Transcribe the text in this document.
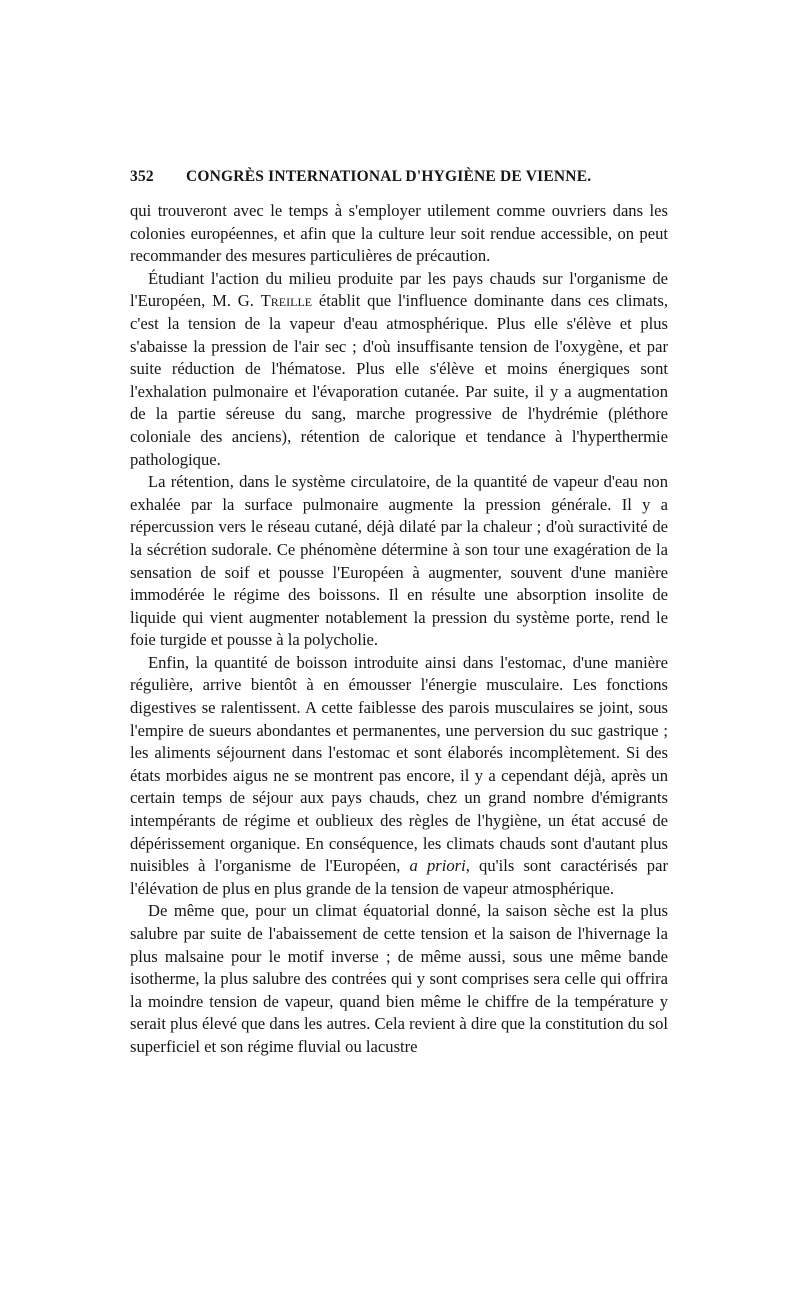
352	CONGRÈS INTERNATIONAL D'HYGIÈNE DE VIENNE.

qui trouveront avec le temps à s'employer utilement comme ouvriers dans les colonies européennes, et afin que la culture leur soit rendue accessible, on peut recommander des mesures particulières de précaution.

Étudiant l'action du milieu produite par les pays chauds sur l'organisme de l'Européen, M. G. Treille établit que l'influence dominante dans ces climats, c'est la tension de la vapeur d'eau atmosphérique. Plus elle s'élève et plus s'abaisse la pression de l'air sec ; d'où insuffisante tension de l'oxygène, et par suite réduction de l'hématose. Plus elle s'élève et moins énergiques sont l'exhalation pulmonaire et l'évaporation cutanée. Par suite, il y a augmentation de la partie séreuse du sang, marche progressive de l'hydrémie (pléthore coloniale des anciens), rétention de calorique et tendance à l'hyperthermie pathologique.

La rétention, dans le système circulatoire, de la quantité de vapeur d'eau non exhalée par la surface pulmonaire augmente la pression générale. Il y a répercussion vers le réseau cutané, déjà dilaté par la chaleur ; d'où suractivité de la sécrétion sudorale. Ce phénomène détermine à son tour une exagération de la sensation de soif et pousse l'Européen à augmenter, souvent d'une manière immodérée le régime des boissons. Il en résulte une absorption insolite de liquide qui vient augmenter notablement la pression du système porte, rend le foie turgide et pousse à la polycholie.

Enfin, la quantité de boisson introduite ainsi dans l'estomac, d'une manière régulière, arrive bientôt à en émousser l'énergie musculaire. Les fonctions digestives se ralentissent. A cette faiblesse des parois musculaires se joint, sous l'empire de sueurs abondantes et permanentes, une perversion du suc gastrique ; les aliments séjournent dans l'estomac et sont élaborés incomplètement. Si des états morbides aigus ne se montrent pas encore, il y a cependant déjà, après un certain temps de séjour aux pays chauds, chez un grand nombre d'émigrants intempérants de régime et oublieux des règles de l'hygiène, un état accusé de dépérissement organique. En conséquence, les climats chauds sont d'autant plus nuisibles à l'organisme de l'Européen, a priori, qu'ils sont caractérisés par l'élévation de plus en plus grande de la tension de vapeur atmosphérique.

De même que, pour un climat équatorial donné, la saison sèche est la plus salubre par suite de l'abaissement de cette tension et la saison de l'hivernage la plus malsaine pour le motif inverse ; de même aussi, sous une même bande isotherme, la plus salubre des contrées qui y sont comprises sera celle qui offrira la moindre tension de vapeur, quand bien même le chiffre de la température y serait plus élevé que dans les autres. Cela revient à dire que la constitution du sol superficiel et son régime fluvial ou lacustre
